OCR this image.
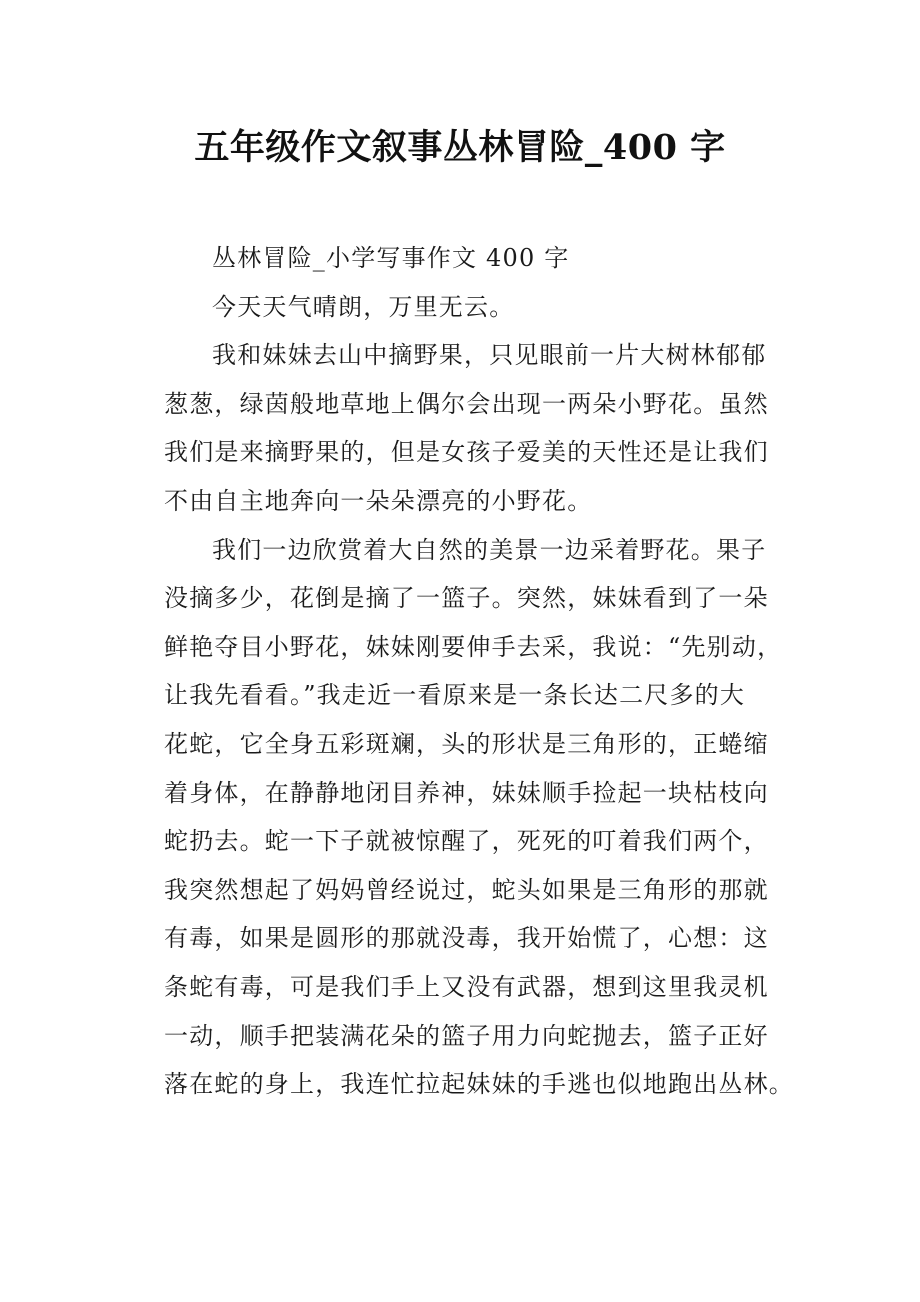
五年级作文叙事丛林冒险_400 字
丛林冒险_小学写事作文 400 字
今天天气晴朗，万里无云。
我和妹妹去山中摘野果，只见眼前一片大树林郁郁
葱葱，绿茵般地草地上偶尔会出现一两朵小野花。虽然
我们是来摘野果的，但是女孩子爱美的天性还是让我们
不由自主地奔向一朵朵漂亮的小野花。
我们一边欣赏着大自然的美景一边采着野花。果子
没摘多少，花倒是摘了一篮子。突然，妹妹看到了一朵
鲜艳夺目小野花，妹妹刚要伸手去采，我说：“先别动，
让我先看看。”我走近一看原来是一条长达二尺多的大
花蛇，它全身五彩斑斓，头的形状是三角形的，正蜷缩
着身体，在静静地闭目养神，妹妹顺手捡起一块枯枝向
蛇扔去。蛇一下子就被惊醒了，死死的叮着我们两个，
我突然想起了妈妈曾经说过，蛇头如果是三角形的那就
有毒，如果是圆形的那就没毒，我开始慌了，心想：这
条蛇有毒，可是我们手上又没有武器，想到这里我灵机
一动，顺手把装满花朵的篮子用力向蛇抛去，篮子正好
落在蛇的身上，我连忙拉起妹妹的手逃也似地跑出丛林。
